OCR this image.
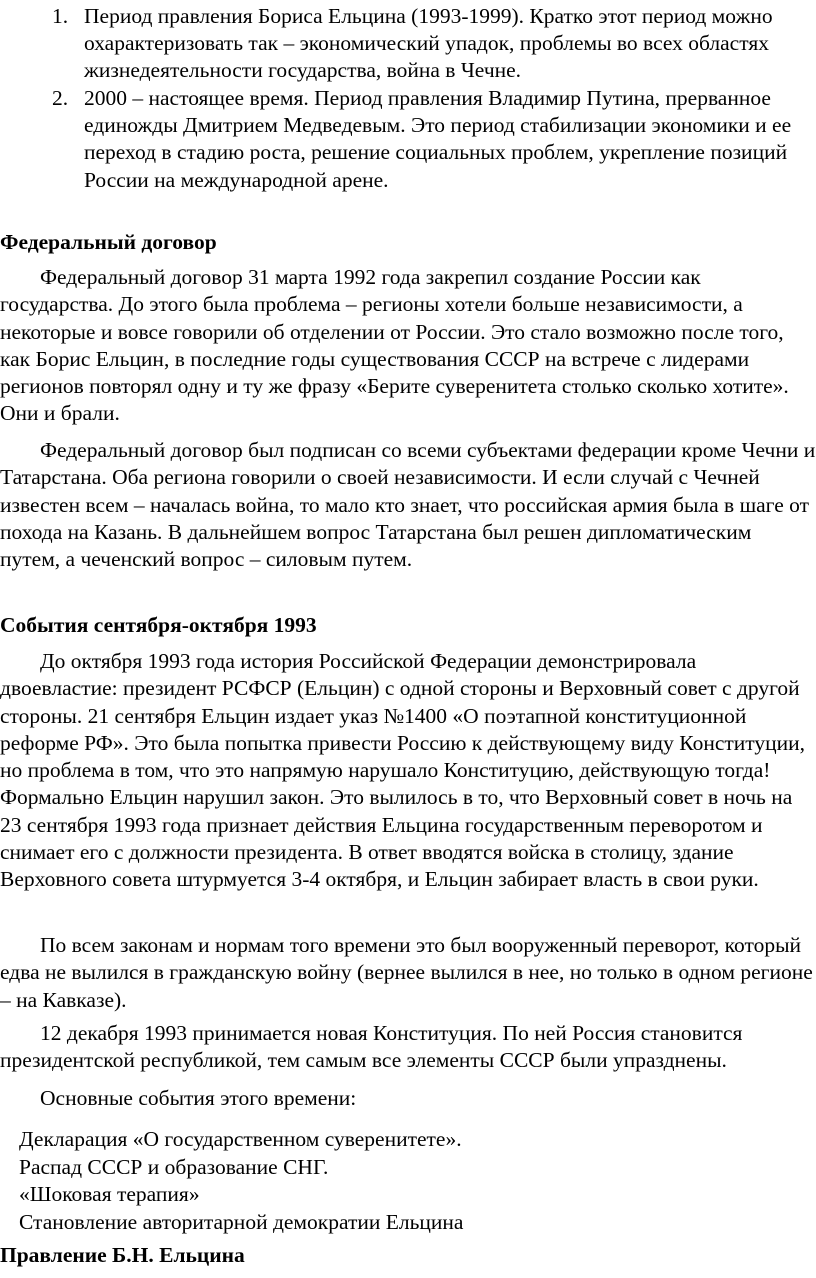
1. Период правления Бориса Ельцина (1993-1999). Кратко этот период можно охарактеризовать так – экономический упадок, проблемы во всех областях жизнедеятельности государства, война в Чечне.
2. 2000 – настоящее время. Период правления Владимир Путина, прерванное единожды Дмитрием Медведевым. Это период стабилизации экономики и ее переход в стадию роста, решение социальных проблем, укрепление позиций России на международной арене.
Федеральный договор
Федеральный договор 31 марта 1992 года закрепил создание России как государства. До этого была проблема – регионы хотели больше независимости, а некоторые и вовсе говорили об отделении от России. Это стало возможно после того, как Борис Ельцин, в последние годы существования СССР на встрече с лидерами регионов повторял одну и ту же фразу «Берите суверенитета столько сколько хотите». Они и брали.
Федеральный договор был подписан со всеми субъектами федерации кроме Чечни и Татарстана. Оба региона говорили о своей независимости. И если случай с Чечней известен всем – началась война, то мало кто знает, что российская армия была в шаге от похода на Казань. В дальнейшем вопрос Татарстана был решен дипломатическим путем, а чеченский вопрос – силовым путем.
События сентября-октября 1993
До октября 1993 года история Российской Федерации демонстрировала двоевластие: президент РСФСР (Ельцин) с одной стороны и Верховный совет с другой стороны. 21 сентября Ельцин издает указ №1400 «О поэтапной конституционной реформе РФ». Это была попытка привести Россию к действующему виду Конституции, но проблема в том, что это напрямую нарушало Конституцию, действующую тогда! Формально Ельцин нарушил закон. Это вылилось в то, что Верховный совет в ночь на 23 сентября 1993 года признает действия Ельцина государственным переворотом и снимает его с должности президента. В ответ вводятся войска в столицу, здание Верховного совета штурмуется 3-4 октября, и Ельцин забирает власть в свои руки.
По всем законам и нормам того времени это был вооруженный переворот, который едва не вылился в гражданскую войну (вернее вылился в нее, но только в одном регионе – на Кавказе).
12 декабря 1993 принимается новая Конституция. По ней Россия становится президентской республикой, тем самым все элементы СССР были упразднены.
Основные события этого времени:
Декларация «О государственном суверенитете».
Распад СССР и образование СНГ.
«Шоковая терапия»
Становление авторитарной демократии Ельцина
Правление Б.Н. Ельцина
